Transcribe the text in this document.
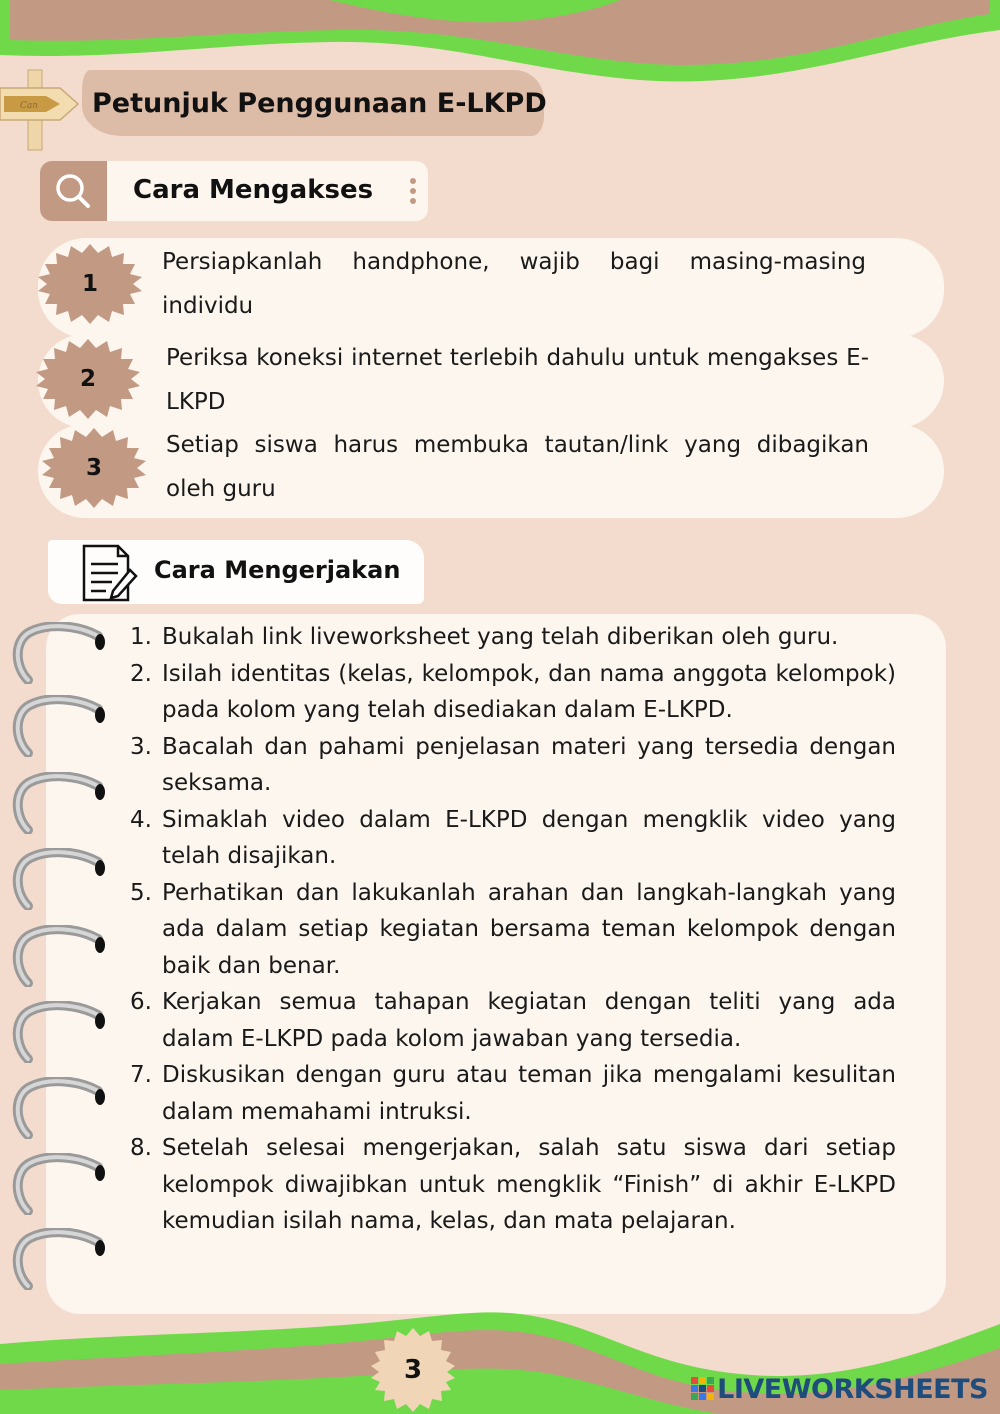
Can Petunjuk Penggunaan E-LKPD
Cara Mengakses
1
2
3
Persiapkanlah handphone, wajib bagi masing-masing individu
Periksa koneksi internet terlebih dahulu untuk mengakses E-LKPD
Setiap siswa harus membuka tautan/link yang dibagikan oleh guru
Cara Mengerjakan
1. Bukalah link liveworksheet yang telah diberikan oleh guru.
2. Isilah identitas (kelas, kelompok, dan nama anggota kelompok) pada kolom yang telah disediakan dalam E-LKPD.
3. Bacalah dan pahami penjelasan materi yang tersedia dengan seksama.
4. Simaklah video dalam E-LKPD dengan mengklik video yang telah disajikan.
5. Perhatikan dan lakukanlah arahan dan langkah-langkah yang ada dalam setiap kegiatan bersama teman kelompok dengan baik dan benar.
6. Kerjakan semua tahapan kegiatan dengan teliti yang ada dalam E-LKPD pada kolom jawaban yang tersedia.
7. Diskusikan dengan guru atau teman jika mengalami kesulitan dalam memahami intruksi.
8. Setelah selesai mengerjakan, salah satu siswa dari setiap kelompok diwajibkan untuk mengklik “Finish” di akhir E-LKPD kemudian isilah nama, kelas, dan mata pelajaran.
3
LIVEWORKSHEETS
